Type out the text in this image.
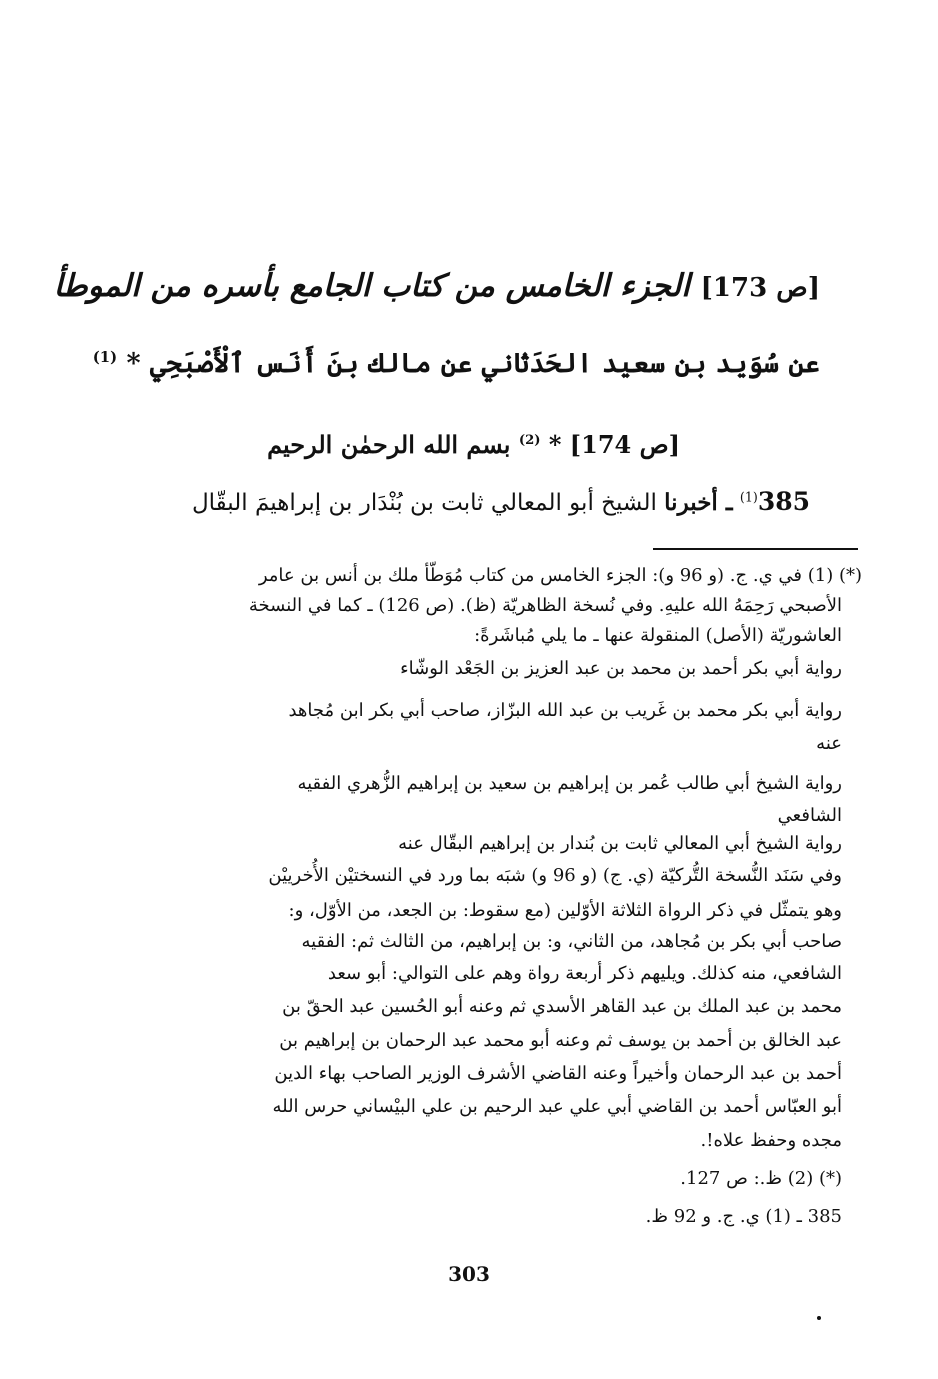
[ص 173] الجزء الخامس من كتاب الجامع بأسره من الموطأ
عن سُوَيد بن سعيد الحَدَثاني عن مالك بنَ أَنَس ٱلْأَصْبَحِي * $^{(1)}$
[ص 174] * $^{(2)}$ بسم الله الرحمٰن الرحيم
385$^{(1)}$ ـ أخبرنا الشيخ أبو المعالي ثابت بن بُنْدَار بن إبراهيمَ البقّال
(*) (1) في ي. ج. (و 96 و): الجزء الخامس من كتاب مُوَطّأ ملك بن أنس بن عامر
الأصبحي رَحِمَهُ الله عليهِ. وفي نُسخة الظاهريّة (ظ). (ص 126) ـ كما في النسخة
العاشوريّة (الأصل) المنقولة عنها ـ ما يلي مُباشَرةً:
رواية أبي بكر أحمد بن محمد بن عبد العزيز بن الجَعْد الوشّاء
رواية أبي بكر محمد بن غَريب بن عبد الله البزّاز، صاحب أبي بكر ابن مُجاهد
عنه
رواية الشيخ أبي طالب عُمر بن إبراهيم بن سعيد بن إبراهيم الزُّهري الفقيه
الشافعي
رواية الشيخ أبي المعالي ثابت بن بُندار بن إبراهيم البقّال عنه
وفي سَنَد النُّسخة التُّركيّة (ي. ج) (و 96 و) شبَه بما ورد في النسختيْن الأُخرييْن
وهو يتمثّل في ذكر الرواة الثلاثة الأوّلين (مع سقوط: بن الجعد، من الأوّل، و:
صاحب أبي بكر بن مُجاهد، من الثاني، و: بن إبراهيم، من الثالث ثم: الفقيه
الشافعي، منه كذلك. ويليهم ذكر أربعة رواة وهم على التوالي: أبو سعد
محمد بن عبد الملك بن عبد القاهر الأسدي ثم وعنه أبو الحُسين عبد الحقّ بن
عبد الخالق بن أحمد بن يوسف ثم وعنه أبو محمد عبد الرحمان بن إبراهيم بن
أحمد بن عبد الرحمان وأخيراً وعنه القاضي الأشرف الوزير الصاحب بهاء الدين
أبو العبّاس أحمد بن القاضي أبي علي عبد الرحيم بن علي البيْساني حرس الله
مجده وحفظ علاه!.
(*) (2) ظ.: ص 127.
385 ـ (1) ي. ج. و 92 ظ.
303
